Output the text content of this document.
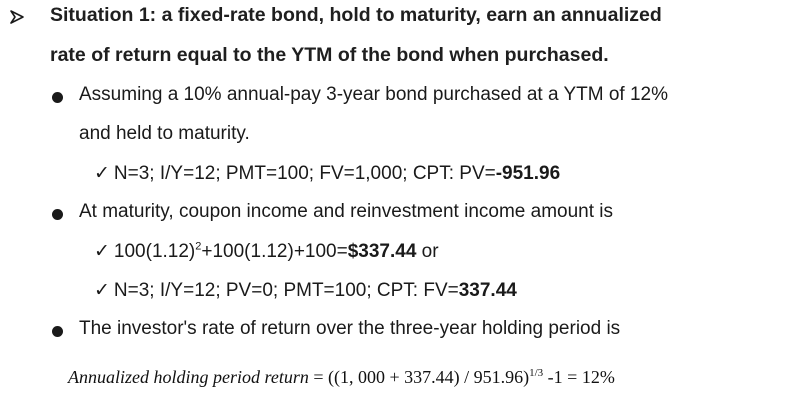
Situation 1: a fixed-rate bond, hold to maturity, earn an annualized
rate of return equal to the YTM of the bond when purchased.
Assuming a 10% annual-pay 3-year bond purchased at a YTM of 12%
and held to maturity.
✓ N=3; I/Y=12; PMT=100; FV=1,000; CPT: PV=-951.96
At maturity, coupon income and reinvestment income amount is
✓ $100(1.12)^2+100(1.12)+100=\$337.44$ or
✓ N=3; I/Y=12; PV=0; PMT=100; CPT: FV=337.44
The investor's rate of return over the three-year holding period is
Annualized holding period return = ((1, 000 + 337.44) / 951.96)$^{1/3}$ -1 = 12%
